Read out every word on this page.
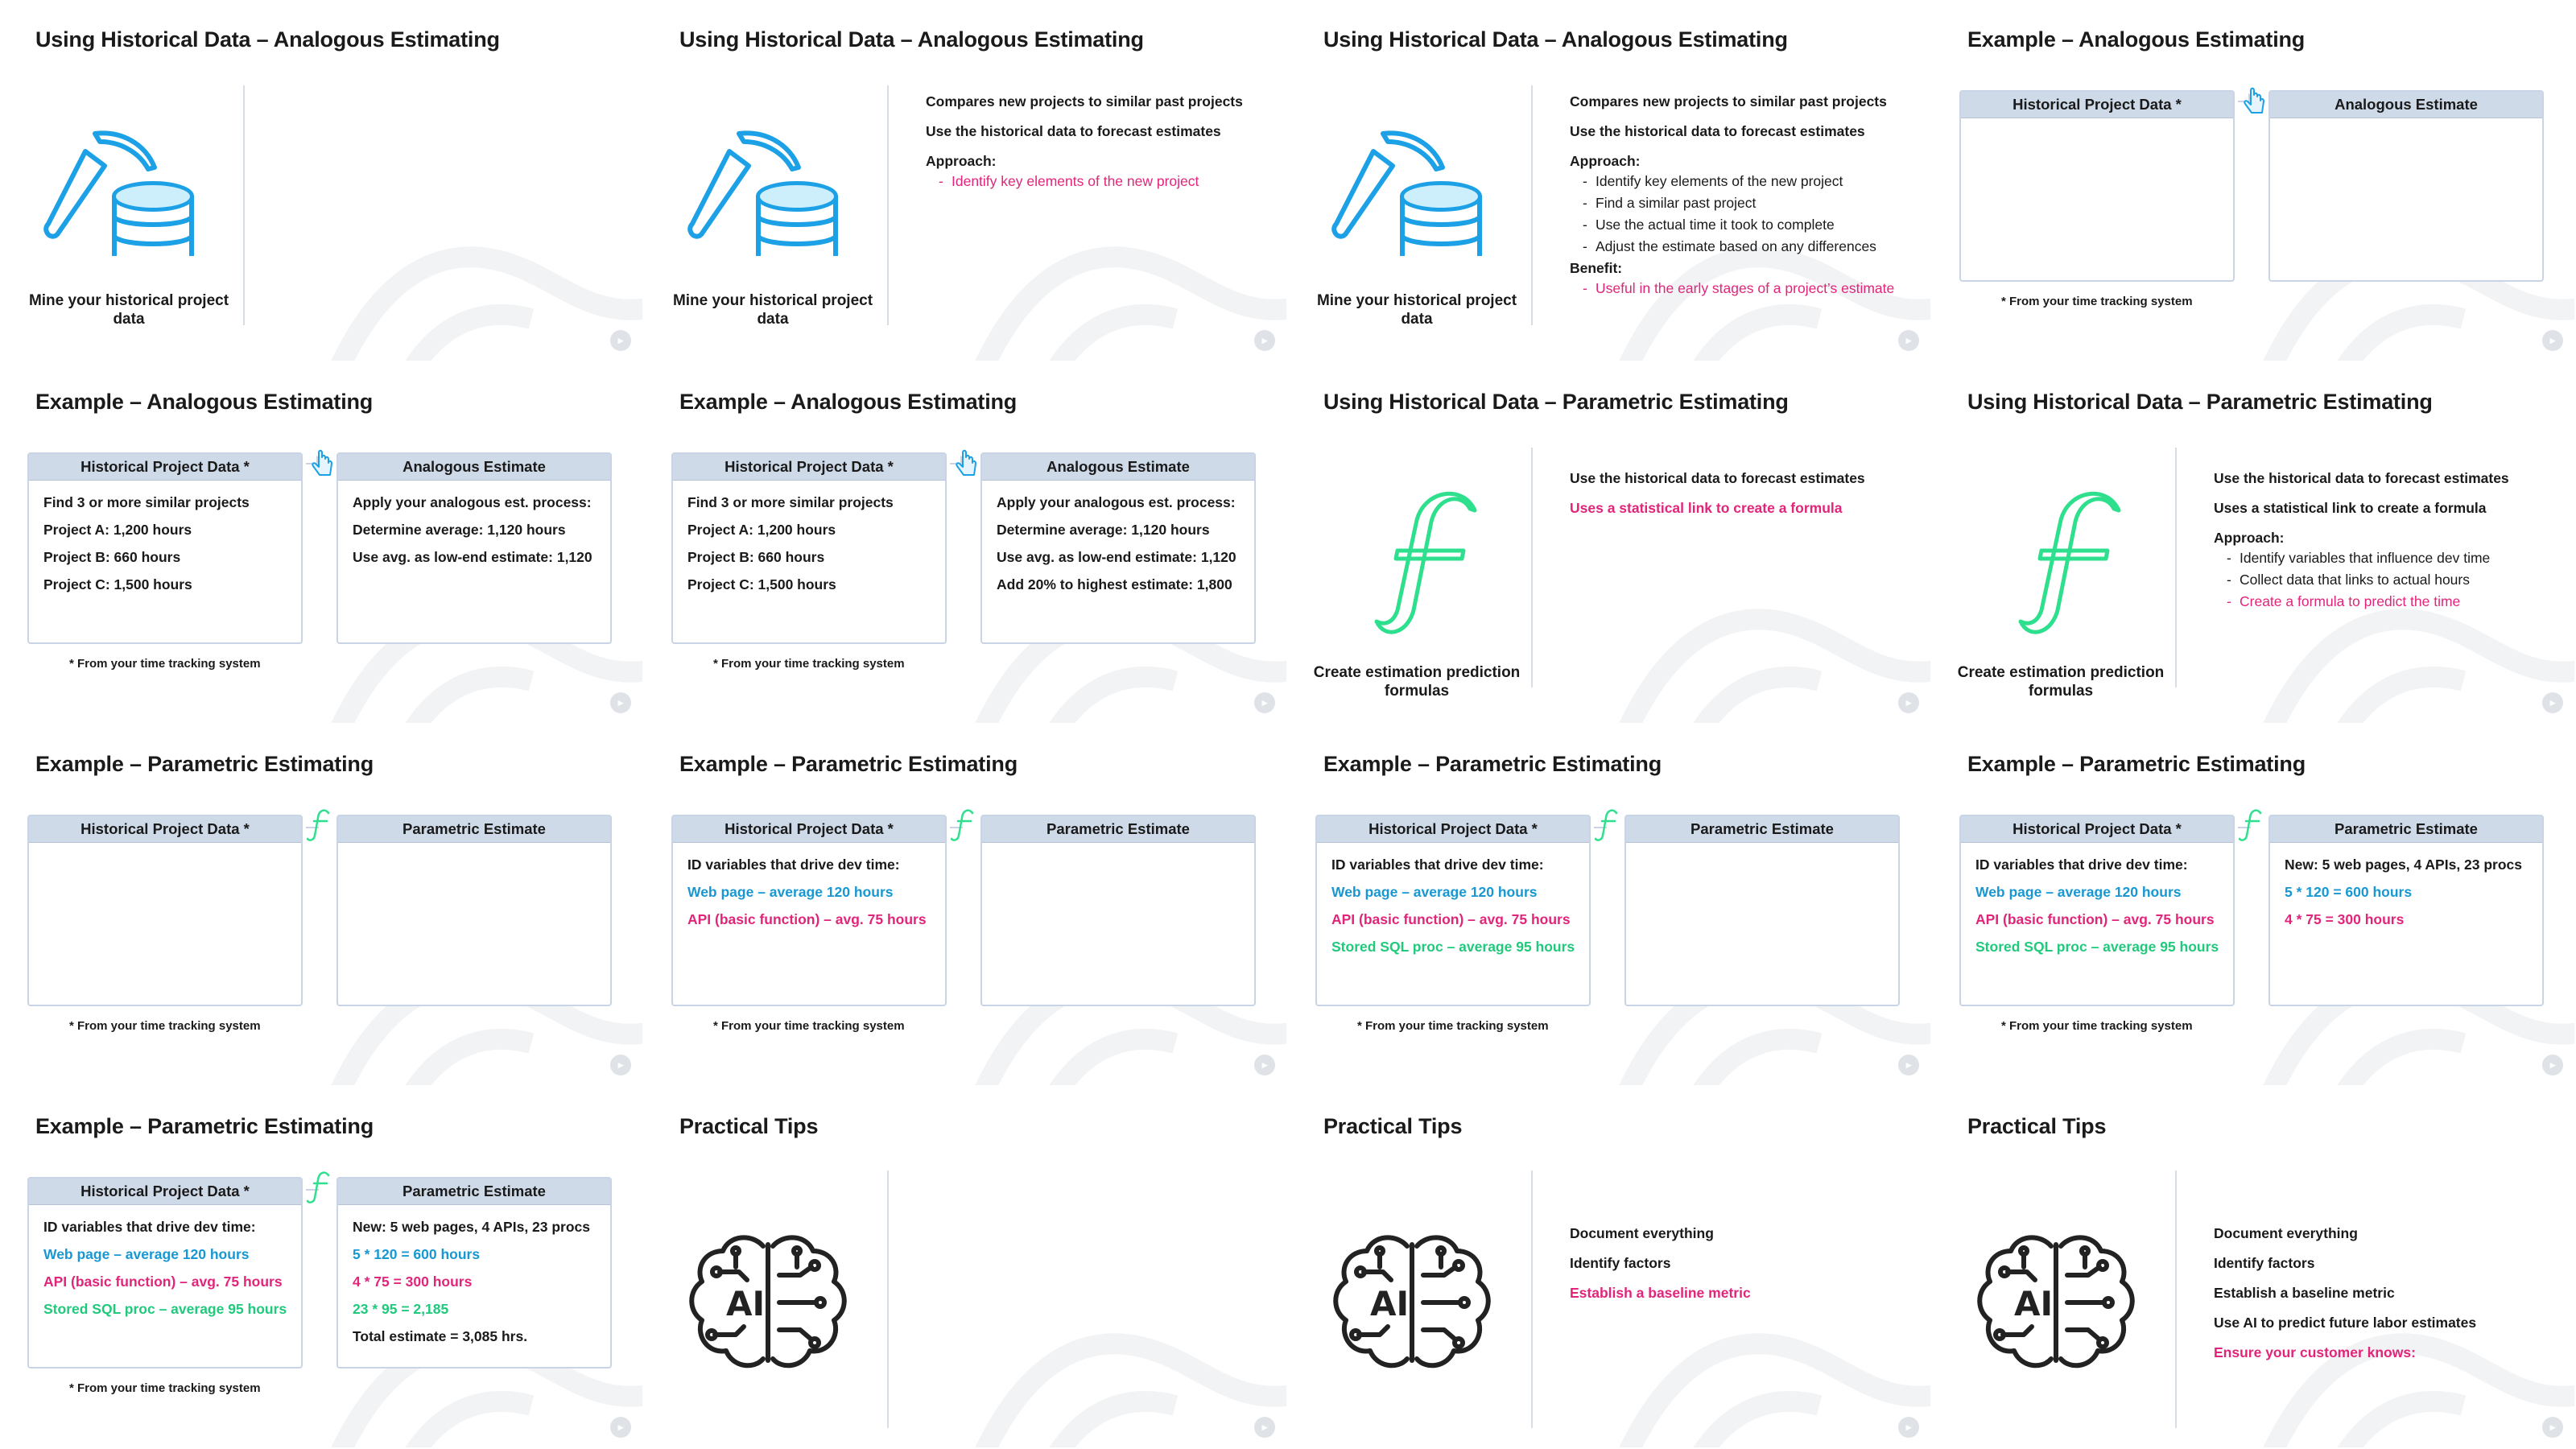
Using Historical Data – Analogous Estimating
Mine your historical project data
▸
Using Historical Data – Analogous Estimating
Mine your historical project data
Compares new projects to similar past projects
Use the historical data to forecast estimates
Approach:
- Identify key elements of the new project
▸
Using Historical Data – Analogous Estimating
Mine your historical project data
Compares new projects to similar past projects
Use the historical data to forecast estimates
Approach:
- Identify key elements of the new project
- Find a similar past project
- Use the actual time it took to complete
- Adjust the estimate based on any differences
Benefit:
- Useful in the early stages of a project’s estimate
▸
Example – Analogous Estimating
Historical Project Data *	Analogous Estimate
* From your time tracking system
▸
Example – Analogous Estimating
Historical Project Data *
Find 3 or more similar projects
Project A: 1,200 hours
Project B: 660 hours
Project C: 1,500 hours
Analogous Estimate
Apply your analogous est. process:
Determine average: 1,120 hours
Use avg. as low-end estimate: 1,120
* From your time tracking system
▸
Example – Analogous Estimating
Historical Project Data *
Find 3 or more similar projects
Project A: 1,200 hours
Project B: 660 hours
Project C: 1,500 hours
Analogous Estimate
Apply your analogous est. process:
Determine average: 1,120 hours
Use avg. as low-end estimate: 1,120
Add 20% to highest estimate: 1,800
* From your time tracking system
▸
Using Historical Data – Parametric Estimating
Create estimation prediction formulas
Use the historical data to forecast estimates
Uses a statistical link to create a formula
▸
Using Historical Data – Parametric Estimating
Create estimation prediction formulas
Use the historical data to forecast estimates
Uses a statistical link to create a formula
Approach:
- Identify variables that influence dev time
- Collect data that links to actual hours
- Create a formula to predict the time
▸
Example – Parametric Estimating
Historical Project Data *	Parametric Estimate
* From your time tracking system
▸
Example – Parametric Estimating
Historical Project Data *
ID variables that drive dev time:
Web page – average 120 hours
API (basic function) – avg. 75 hours
Parametric Estimate
* From your time tracking system
▸
Example – Parametric Estimating
Historical Project Data *
ID variables that drive dev time:
Web page – average 120 hours
API (basic function) – avg. 75 hours
Stored SQL proc – average 95 hours
Parametric Estimate
* From your time tracking system
▸
Example – Parametric Estimating
Historical Project Data *
ID variables that drive dev time:
Web page – average 120 hours
API (basic function) – avg. 75 hours
Stored SQL proc – average 95 hours
Parametric Estimate
New: 5 web pages, 4 APIs, 23 procs
5 * 120 = 600 hours
4 * 75 = 300 hours
* From your time tracking system
▸
Example – Parametric Estimating
Historical Project Data *
ID variables that drive dev time:
Web page – average 120 hours
API (basic function) – avg. 75 hours
Stored SQL proc – average 95 hours
Parametric Estimate
New: 5 web pages, 4 APIs, 23 procs
5 * 120 = 600 hours
4 * 75 = 300 hours
23 * 95 = 2,185
Total estimate = 3,085 hrs.
* From your time tracking system
▸
Practical Tips
AI
▸
Practical Tips
AI
Document everything
Identify factors
Establish a baseline metric
▸
Practical Tips
AI
Document everything
Identify factors
Establish a baseline metric
Use AI to predict future labor estimates
Ensure your customer knows:
▸
